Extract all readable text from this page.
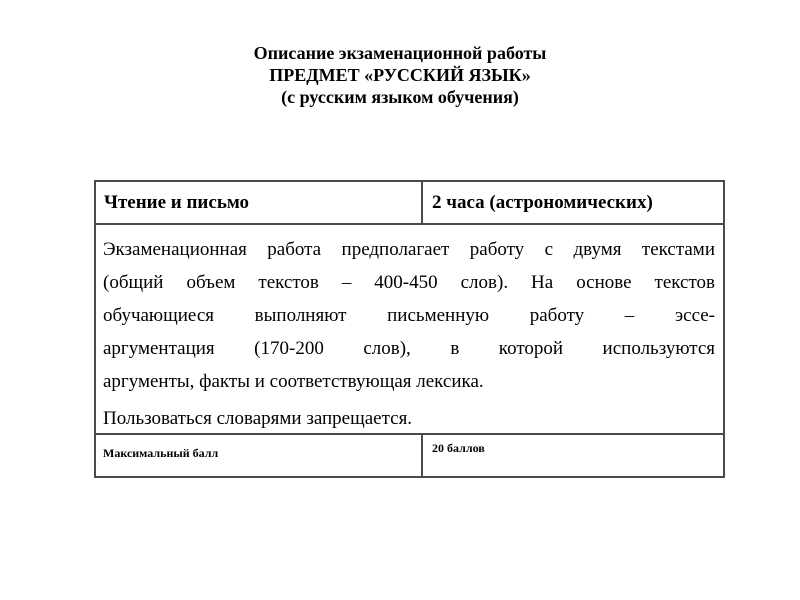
Описание экзаменационной работы
ПРЕДМЕТ «РУССКИЙ ЯЗЫК»
(с русским языком обучения)
Чтение и письмо	2 часа (астрономических)
Экзаменационная работа предполагает работу с двумя текстами
(общий объем текстов – 400-450 слов). На основе текстов
обучающиеся выполняют письменную работу – эссе-
аргументация (170-200 слов), в которой используются
аргументы, факты и соответствующая лексика.
Пользоваться словарями запрещается.
Максимальный балл	20 баллов
